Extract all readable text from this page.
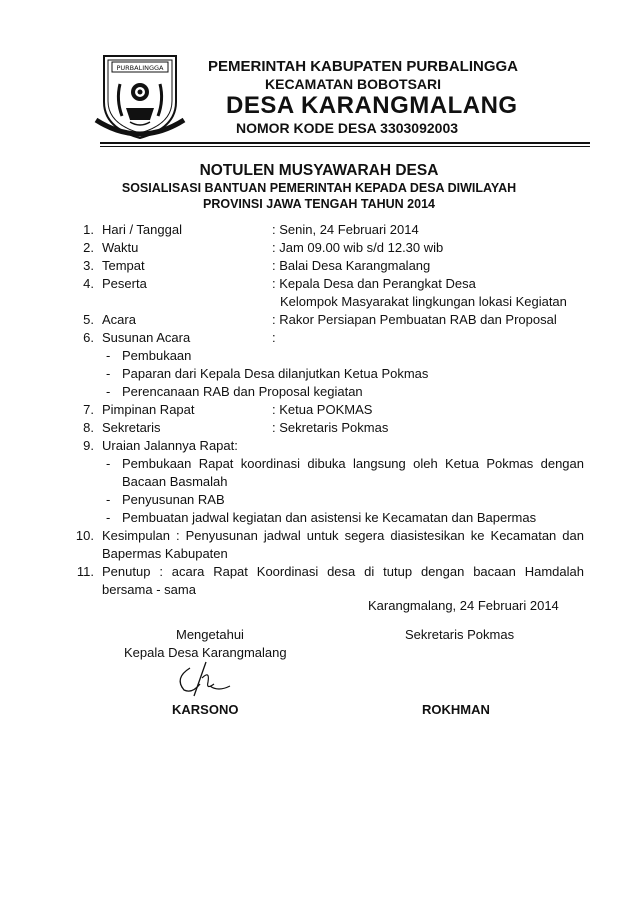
PURBALINGGA	PEMERINTAH KABUPATEN PURBALINGGA
KECAMATAN BOBOTSARI
DESA KARANGMALANG
NOMOR KODE DESA 3303092003
NOTULEN MUSYAWARAH DESA
SOSIALISASI BANTUAN PEMERINTAH KEPADA DESA DIWILAYAH
PROVINSI JAWA TENGAH TAHUN 2014
1. Hari / Tanggal	: Senin, 24 Februari 2014
2. Waktu	: Jam 09.00 wib s/d 12.30 wib
3. Tempat	: Balai Desa Karangmalang
4. Peserta	: Kepala Desa dan Perangkat Desa
Kelompok Masyarakat lingkungan lokasi Kegiatan
5. Acara	: Rakor Persiapan Pembuatan RAB dan Proposal
6. Susunan Acara	:
- Pembukaan
- Paparan dari Kepala Desa dilanjutkan Ketua Pokmas
- Perencanaan RAB dan Proposal kegiatan
7. Pimpinan Rapat	: Ketua POKMAS
8. Sekretaris	: Sekretaris Pokmas
9. Uraian Jalannya Rapat:
- Pembukaan Rapat koordinasi dibuka langsung oleh Ketua Pokmas dengan
Bacaan Basmalah
- Penyusunan RAB
- Pembuatan jadwal kegiatan dan asistensi ke Kecamatan dan Bapermas
10. Kesimpulan : Penyusunan jadwal untuk segera diasistesikan ke Kecamatan dan
Bapermas Kabupaten
11. Penutup : acara Rapat Koordinasi desa di tutup dengan bacaan Hamdalah
bersama - sama
Karangmalang, 24 Februari 2014
Mengetahui
Kepala Desa Karangmalang
Sekretaris Pokmas
KARSONO	ROKHMAN
